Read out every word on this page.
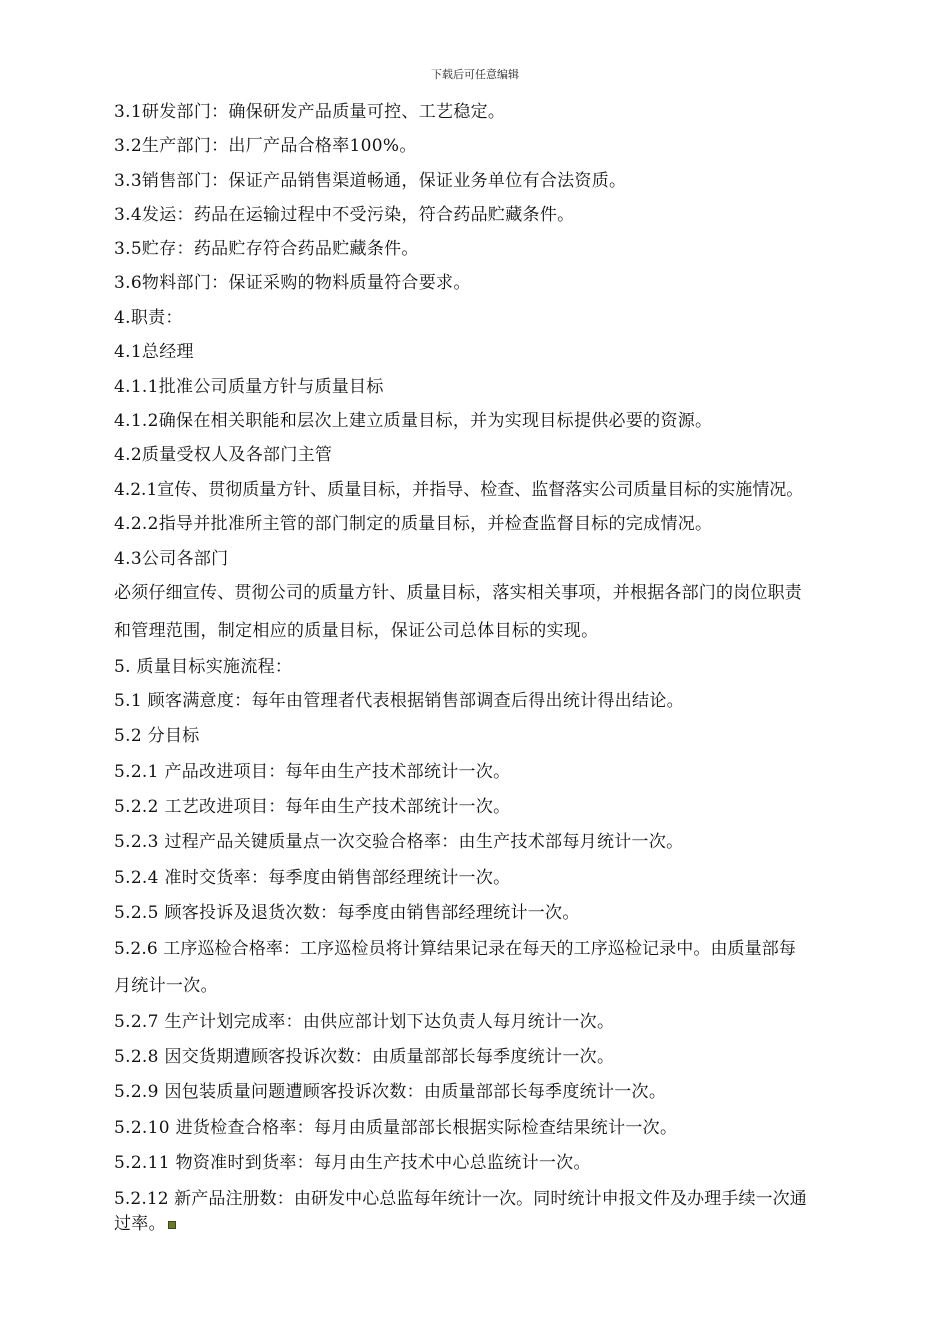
下载后可任意编辑
3.1研发部门：确保研发产品质量可控、工艺稳定。
3.2生产部门：出厂产品合格率100%。
3.3销售部门：保证产品销售渠道畅通，保证业务单位有合法资质。
3.4发运：药品在运输过程中不受污染，符合药品贮藏条件。
3.5贮存：药品贮存符合药品贮藏条件。
3.6物料部门：保证采购的物料质量符合要求。
4.职责：
4.1总经理
4.1.1批准公司质量方针与质量目标
4.1.2确保在相关职能和层次上建立质量目标，并为实现目标提供必要的资源。
4.2质量受权人及各部门主管
4.2.1宣传、贯彻质量方针、质量目标，并指导、检查、监督落实公司质量目标的实施情况。
4.2.2指导并批准所主管的部门制定的质量目标，并检查监督目标的完成情况。
4.3公司各部门
必须仔细宣传、贯彻公司的质量方针、质量目标，落实相关事项，并根据各部门的岗位职责
和管理范围，制定相应的质量目标，保证公司总体目标的实现。
5. 质量目标实施流程：
5.1 顾客满意度：每年由管理者代表根据销售部调查后得出统计得出结论。
5.2 分目标
5.2.1 产品改进项目：每年由生产技术部统计一次。
5.2.2 工艺改进项目：每年由生产技术部统计一次。
5.2.3 过程产品关键质量点一次交验合格率：由生产技术部每月统计一次。
5.2.4 准时交货率：每季度由销售部经理统计一次。
5.2.5 顾客投诉及退货次数：每季度由销售部经理统计一次。
5.2.6 工序巡检合格率：工序巡检员将计算结果记录在每天的工序巡检记录中。由质量部每
月统计一次。
5.2.7 生产计划完成率：由供应部计划下达负责人每月统计一次。
5.2.8 因交货期遭顾客投诉次数：由质量部部长每季度统计一次。
5.2.9 因包装质量问题遭顾客投诉次数：由质量部部长每季度统计一次。
5.2.10 进货检查合格率：每月由质量部部长根据实际检查结果统计一次。
5.2.11 物资准时到货率：每月由生产技术中心总监统计一次。
5.2.12 新产品注册数：由研发中心总监每年统计一次。同时统计申报文件及办理手续一次通
过率。
